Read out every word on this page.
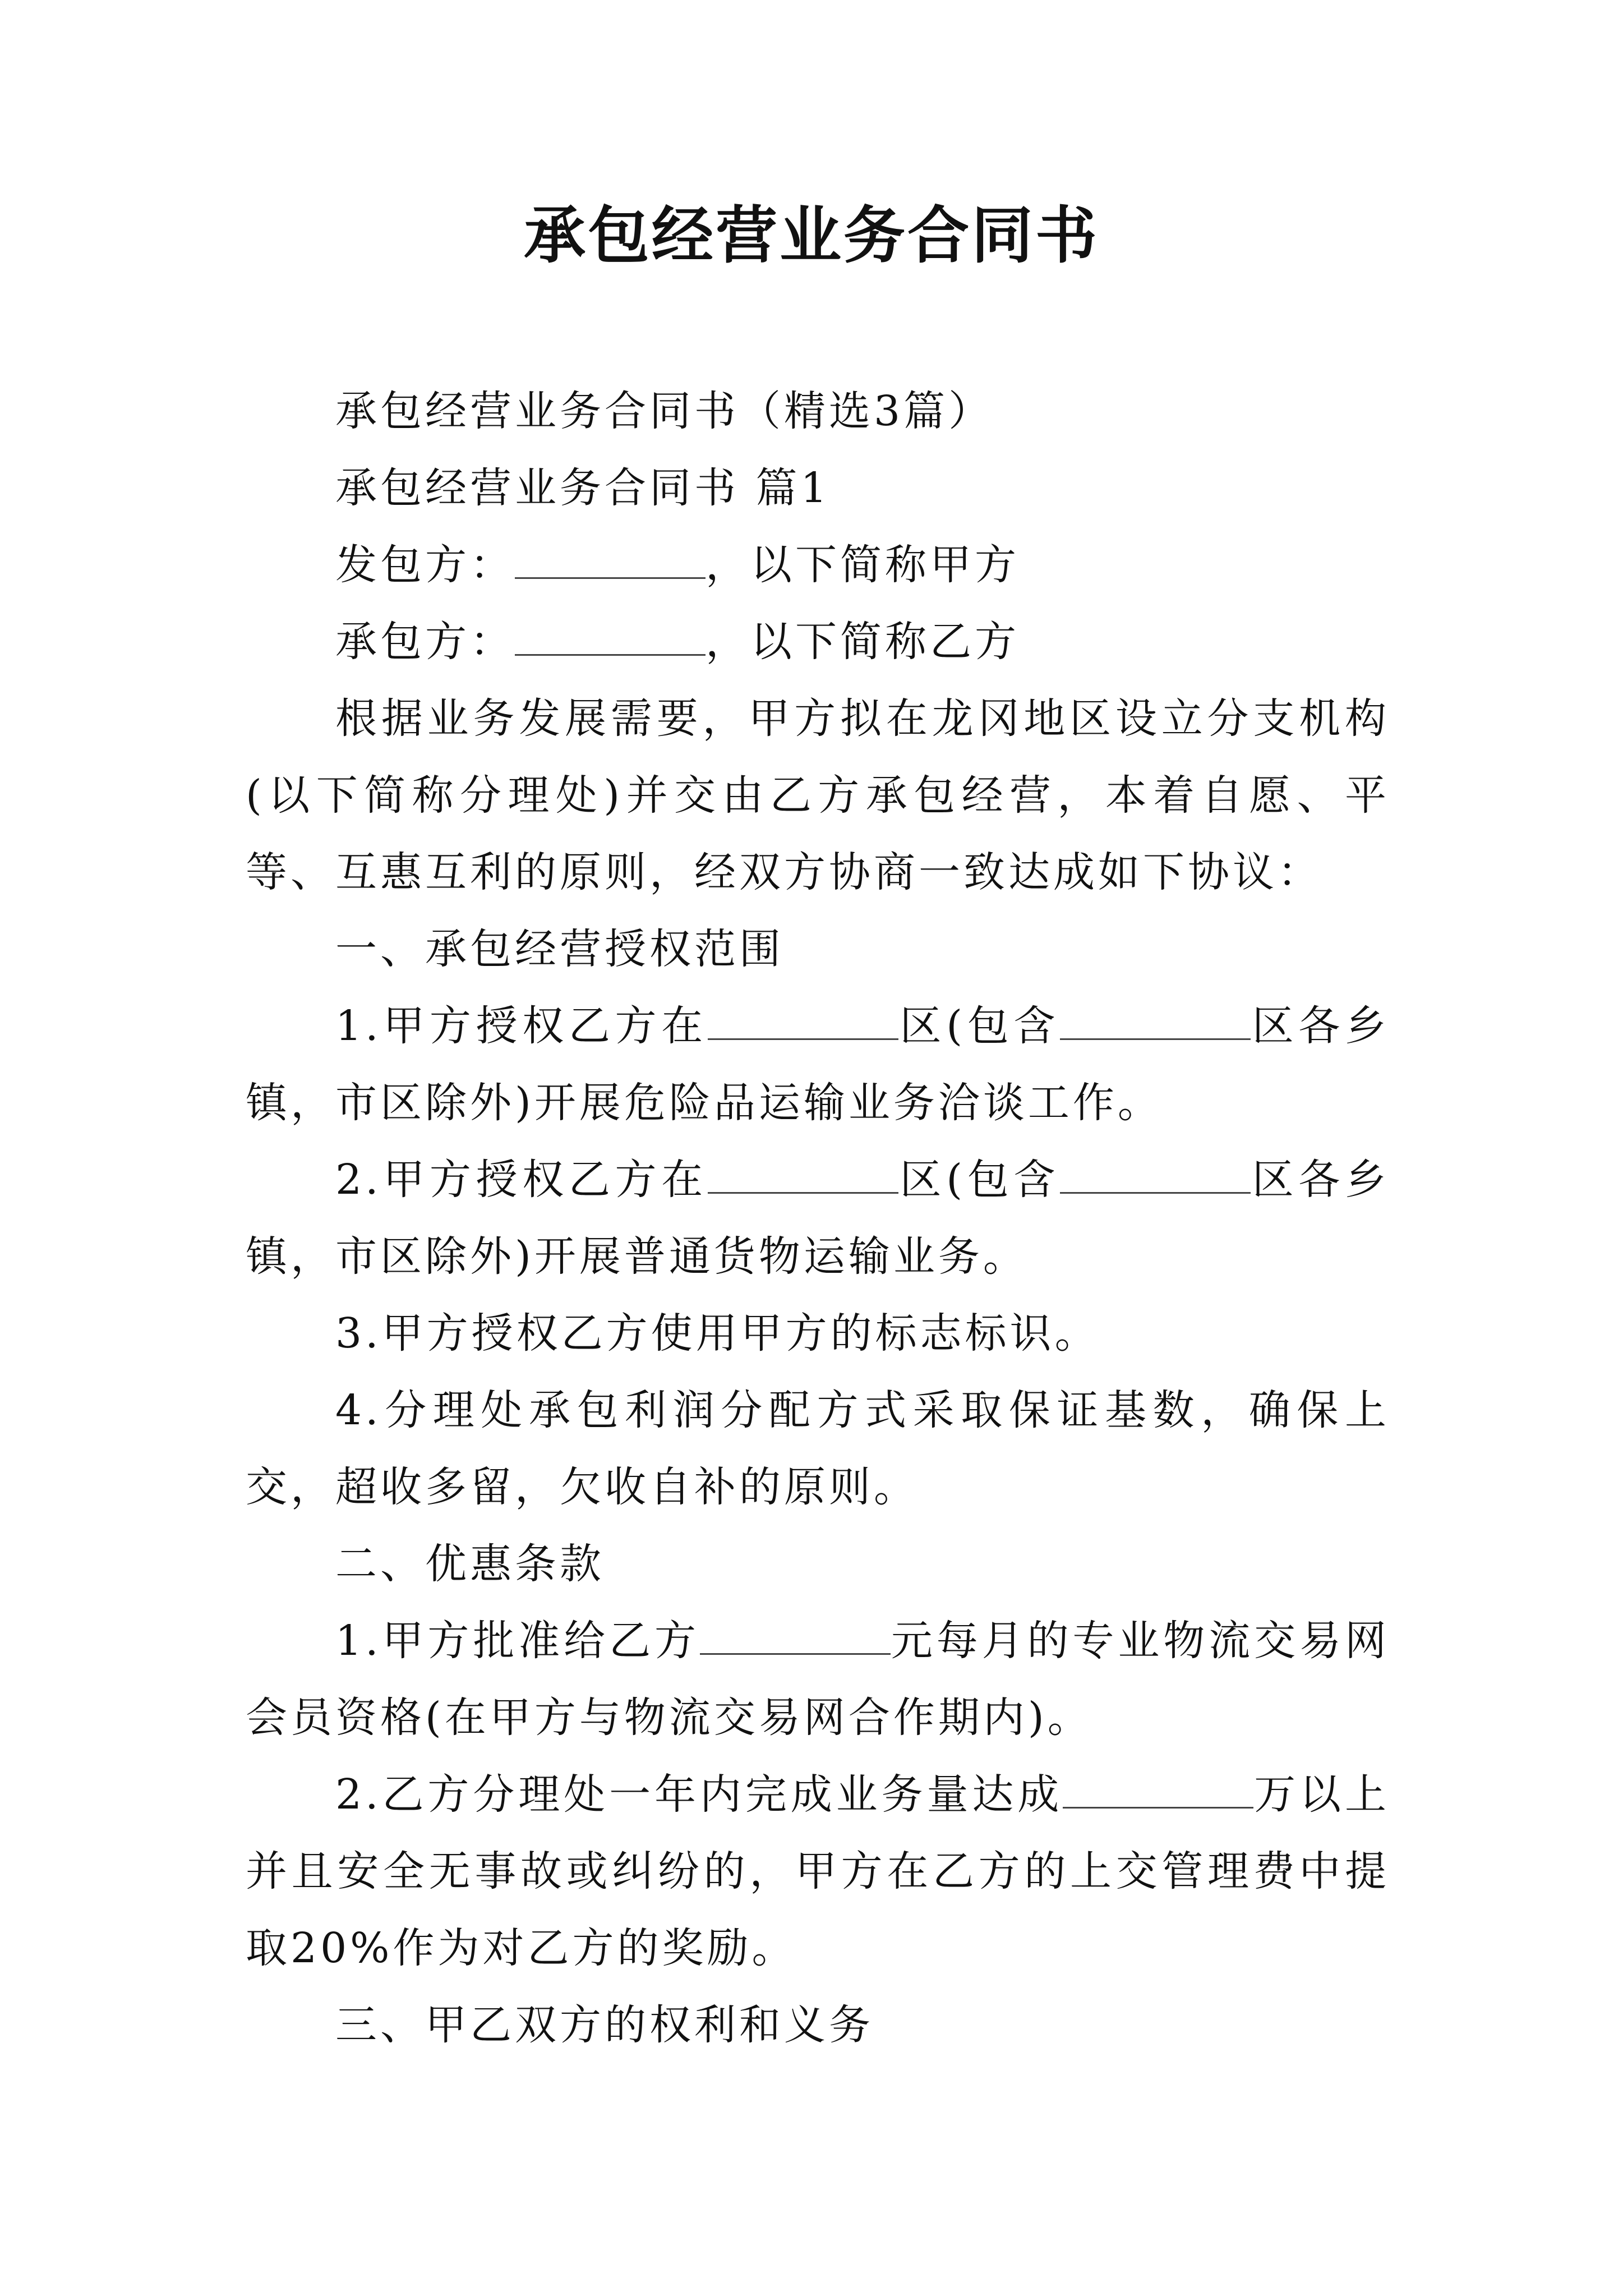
承包经营业务合同书

承包经营业务合同书（精选3篇）

承包经营业务合同书 篇1

发包方：	，以下简称甲方

承包方：	，以下简称乙方

根据业务发展需要，甲方拟在龙冈地区设立分支机构(以下简称分理处)并交由乙方承包经营，本着自愿、平等、互惠互利的原则，经双方协商一致达成如下协议：

一、承包经营授权范围

1.甲方授权乙方在	区(包含	区各乡镇，市区除外)开展危险品运输业务洽谈工作。

2.甲方授权乙方在	区(包含	区各乡镇，市区除外)开展普通货物运输业务。

3.甲方授权乙方使用甲方的标志标识。

4.分理处承包利润分配方式采取保证基数，确保上交，超收多留，欠收自补的原则。

二、优惠条款

1.甲方批准给乙方	元每月的专业物流交易网会员资格(在甲方与物流交易网合作期内)。

2.乙方分理处一年内完成业务量达成	万以上并且安全无事故或纠纷的，甲方在乙方的上交管理费中提取20%作为对乙方的奖励。

三、甲乙双方的权利和义务
